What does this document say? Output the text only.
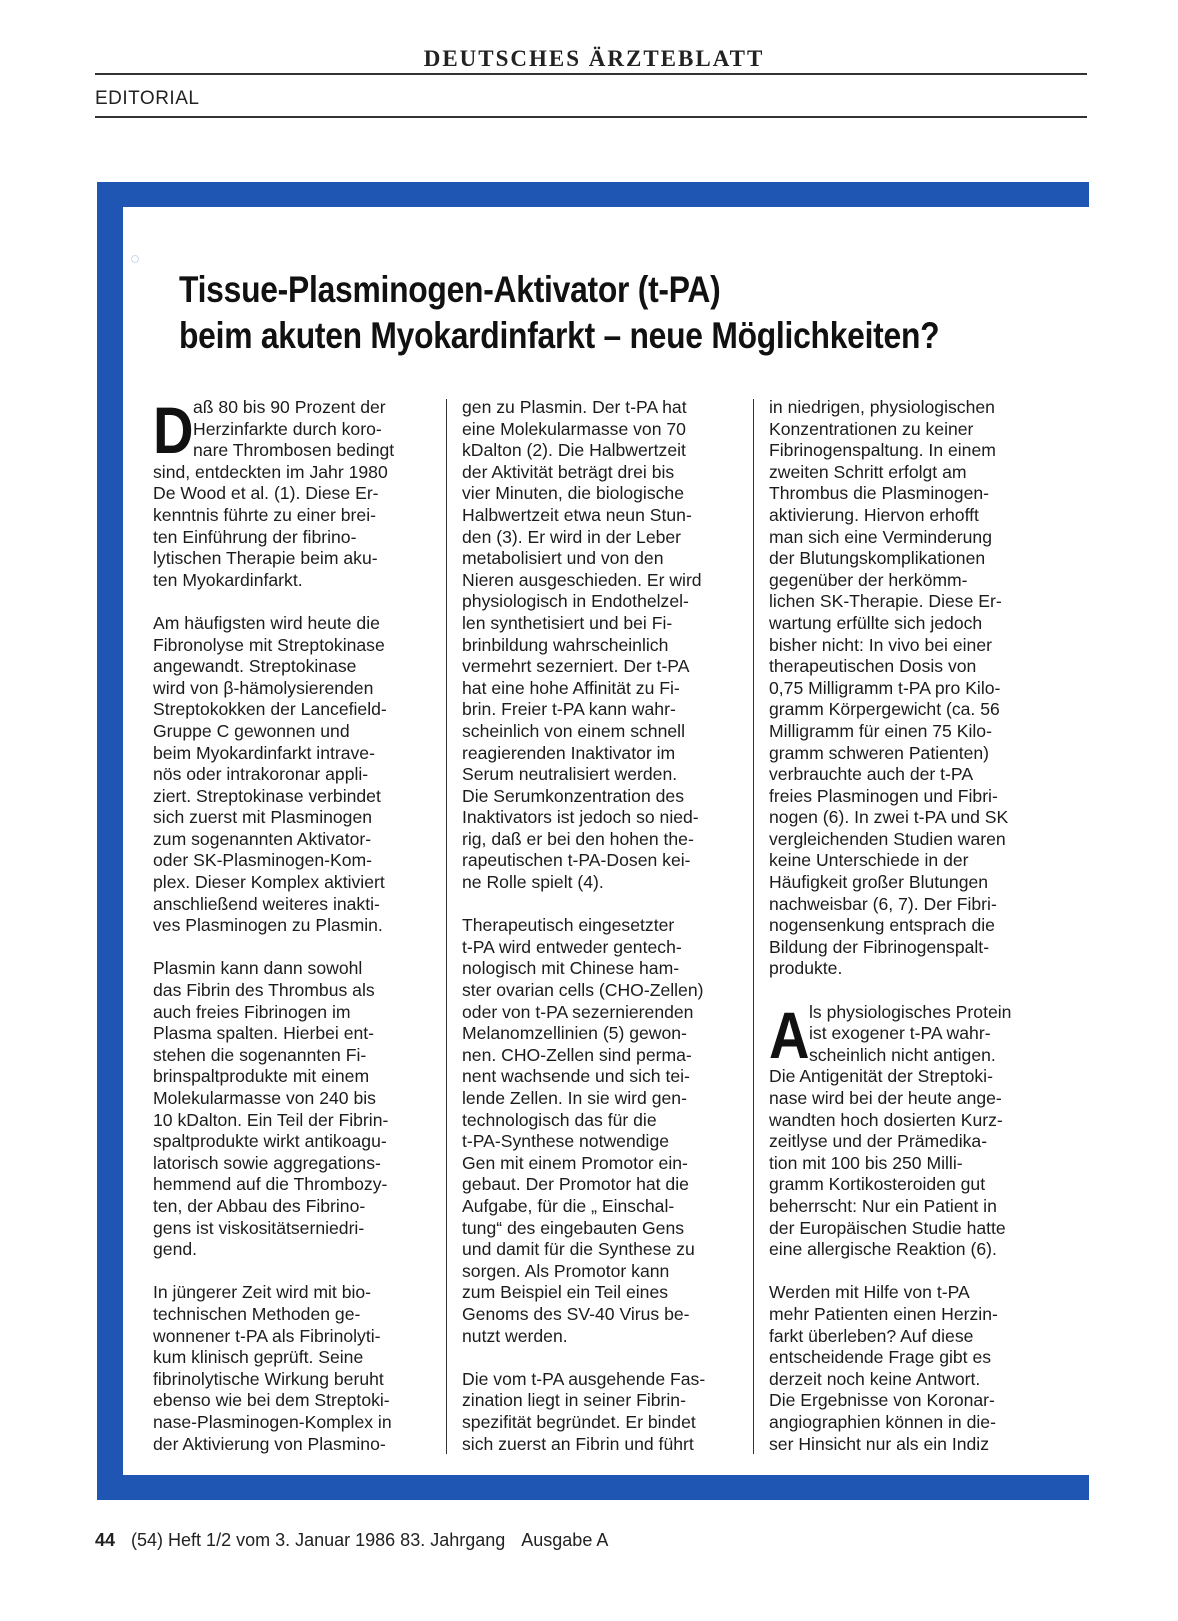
DEUTSCHES ÄRZTEBLATT
EDITORIAL
Tissue-Plasminogen-Aktivator (t-PA)
beim akuten Myokardinfarkt – neue Möglichkeiten?
D aß 80 bis 90 Prozent der
Herzinfarkte durch koro-
nare Thrombosen bedingt
sind, entdeckten im Jahr 1980
De Wood et al. (1). Diese Er-
kenntnis führte zu einer brei-
ten Einführung der fibrino-
lytischen Therapie beim aku-
ten Myokardinfarkt.

Am häufigsten wird heute die
Fibronolyse mit Streptokinase
angewandt. Streptokinase
wird von β-hämolysierenden
Streptokokken der Lancefield-
Gruppe C gewonnen und
beim Myokardinfarkt intrave-
nös oder intrakoronar appli-
ziert. Streptokinase verbindet
sich zuerst mit Plasminogen
zum sogenannten Aktivator-
oder SK-Plasminogen-Kom-
plex. Dieser Komplex aktiviert
anschließend weiteres inakti-
ves Plasminogen zu Plasmin.

Plasmin kann dann sowohl
das Fibrin des Thrombus als
auch freies Fibrinogen im
Plasma spalten. Hierbei ent-
stehen die sogenannten Fi-
brinspaltprodukte mit einem
Molekularmasse von 240 bis
10 kDalton. Ein Teil der Fibrin-
spaltprodukte wirkt antikoagu-
latorisch sowie aggregations-
hemmend auf die Thrombozy-
ten, der Abbau des Fibrino-
gens ist viskositätserniedri-
gend.

In jüngerer Zeit wird mit bio-
technischen Methoden ge-
wonnener t-PA als Fibrinolyti-
kum klinisch geprüft. Seine
fibrinolytische Wirkung beruht
ebenso wie bei dem Streptoki-
nase-Plasminogen-Komplex in
der Aktivierung von Plasmino-

gen zu Plasmin. Der t-PA hat
eine Molekularmasse von 70
kDalton (2). Die Halbwertzeit
der Aktivität beträgt drei bis
vier Minuten, die biologische
Halbwertzeit etwa neun Stun-
den (3). Er wird in der Leber
metabolisiert und von den
Nieren ausgeschieden. Er wird
physiologisch in Endothelzel-
len synthetisiert und bei Fi-
brinbildung wahrscheinlich
vermehrt sezerniert. Der t-PA
hat eine hohe Affinität zu Fi-
brin. Freier t-PA kann wahr-
scheinlich von einem schnell
reagierenden Inaktivator im
Serum neutralisiert werden.
Die Serumkonzentration des
Inaktivators ist jedoch so nied-
rig, daß er bei den hohen the-
rapeutischen t-PA-Dosen kei-
ne Rolle spielt (4).

Therapeutisch eingesetzter
t-PA wird entweder gentech-
nologisch mit Chinese ham-
ster ovarian cells (CHO-Zellen)
oder von t-PA sezernierenden
Melanomzellinien (5) gewon-
nen. CHO-Zellen sind perma-
nent wachsende und sich tei-
lende Zellen. In sie wird gen-
technologisch das für die
t-PA-Synthese notwendige
Gen mit einem Promotor ein-
gebaut. Der Promotor hat die
Aufgabe, für die „ Einschal-
tung“ des eingebauten Gens
und damit für die Synthese zu
sorgen. Als Promotor kann
zum Beispiel ein Teil eines
Genoms des SV-40 Virus be-
nutzt werden.

Die vom t-PA ausgehende Fas-
zination liegt in seiner Fibrin-
spezifität begründet. Er bindet
sich zuerst an Fibrin und führt

in niedrigen, physiologischen
Konzentrationen zu keiner
Fibrinogenspaltung. In einem
zweiten Schritt erfolgt am
Thrombus die Plasminogen-
aktivierung. Hiervon erhofft
man sich eine Verminderung
der Blutungskomplikationen
gegenüber der herkömm-
lichen SK-Therapie. Diese Er-
wartung erfüllte sich jedoch
bisher nicht: In vivo bei einer
therapeutischen Dosis von
0,75 Milligramm t-PA pro Kilo-
gramm Körpergewicht (ca. 56
Milligramm für einen 75 Kilo-
gramm schweren Patienten)
verbrauchte auch der t-PA
freies Plasminogen und Fibri-
nogen (6). In zwei t-PA und SK
vergleichenden Studien waren
keine Unterschiede in der
Häufigkeit großer Blutungen
nachweisbar (6, 7). Der Fibri-
nogensenkung entsprach die
Bildung der Fibrinogenspalt-
produkte.

A ls physiologisches Protein
ist exogener t-PA wahr-
scheinlich nicht antigen.
Die Antigenität der Streptoki-
nase wird bei der heute ange-
wandten hoch dosierten Kurz-
zeitlyse und der Prämedika-
tion mit 100 bis 250 Milli-
gramm Kortikosteroiden gut
beherrscht: Nur ein Patient in
der Europäischen Studie hatte
eine allergische Reaktion (6).

Werden mit Hilfe von t-PA
mehr Patienten einen Herzin-
farkt überleben? Auf diese
entscheidende Frage gibt es
derzeit noch keine Antwort.
Die Ergebnisse von Koronar-
angiographien können in die-
ser Hinsicht nur als ein Indiz

44 (54) Heft 1/2 vom 3. Januar 1986 83. Jahrgang Ausgabe A
